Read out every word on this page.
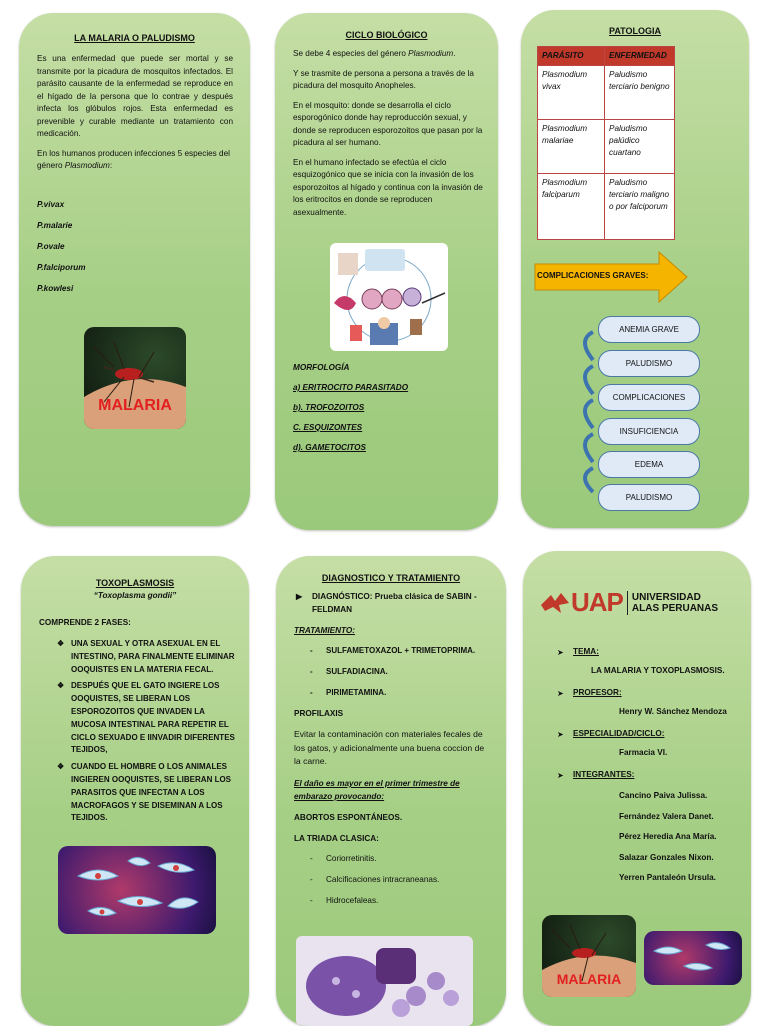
LA MALARIA O PALUDISMO

Es una enfermedad que puede ser mortal y se transmite por la picadura de mosquitos infectados. El parásito causante de la enfermedad se reproduce en el hígado de la persona que lo contrae y después infecta los glóbulos rojos. Esta enfermedad es prevenible y curable mediante un tratamiento con medicación.

En los humanos producen infecciones 5 especies del género Plasmodium:

P.vivax
P.malarie
P.ovale
P.falciporum
P.kowlesi
MALARIA
CICLO BIOLÓGICO

Se debe 4 especies del género Plasmodium.

Y se trasmite de persona a persona a través de la picadura del mosquito Anopheles.

En el mosquito: donde se desarrolla el ciclo esporogónico donde hay reproducción sexual, y donde se reproducen esporozoitos que pasan por la picadura al ser humano.

En el humano infectado se efectúa el ciclo esquizogónico que se inicia con la invasión de los esporozoitos al hígado y continua con la invasión de los eritrocitos en donde se reproducen asexualmente.

MORFOLOGÍA
a) ERITROCITO PARASITADO
b). TROFOZOITOS
C. ESQUIZONTES
d). GAMETOCITOS
PATOLOGIA
PARÁSITO	ENFERMEDAD
Plasmodium vivax	Paludismo terciario benigno
Plasmodium malariae	Paludismo palúdico cuartano
Plasmodium falciparum	Paludismo terciario maligno o por falciporum
COMPLICACIONES GRAVES:
ANEMIA GRAVE
PALUDISMO
COMPLICACIONES
INSUFICIENCIA
EDEMA
PALUDISMO
TOXOPLASMOSIS
“Toxoplasma gondii”
COMPRENDE 2 FASES:
❖ UNA SEXUAL Y OTRA ASEXUAL EN EL INTESTINO, PARA FINALMENTE ELIMINAR OOQUISTES EN LA MATERIA FECAL.
❖ DESPUÉS QUE EL GATO INGIERE LOS OOQUISTES, SE LIBERAN LOS ESPOROZOITOS QUE INVADEN LA MUCOSA INTESTINAL PARA REPETIR EL CICLO SEXUADO E IINVADIR DIFERENTES TEJIDOS,
❖ CUANDO EL HOMBRE O LOS ANIMALES INGIEREN OOQUISTES, SE LIBERAN LOS PARASITOS QUE INFECTAN A LOS MACROFAGOS Y SE DISEMINAN A LOS TEJIDOS.
DIAGNOSTICO Y TRATAMIENTO
▶	DIAGNÓSTICO: Prueba clásica de SABIN - FELDMAN
TRATAMIENTO:
-	SULFAMETOXAZOL + TRIMETOPRIMA.
-	SULFADIACINA.
-	PIRIMETAMINA.
PROFILAXIS
Evitar la contaminación con materiales fecales de los gatos, y adicionalmente una buena coccion de la carne.
El daño es mayor en el primer trimestre de embarazo provocando:
ABORTOS ESPONTÁNEOS.
LA TRIADA CLASICA:
-	Coriorretinitis.
-	Calcificaciones intracraneanas.
-	Hidrocefaleas.
UAP UNIVERSIDAD
ALAS PERUANAS
➤	TEMA:
LA MALARIA Y TOXOPLASMOSIS.
➤	PROFESOR:
Henry W. Sánchez Mendoza
➤	ESPECIALIDAD/CICLO:
Farmacia VI.
➤	INTEGRANTES:
Cancino Paiva Julissa.
Fernández Valera Danet.
Pérez Heredia Ana María.
Salazar Gonzales Nixon.
Yerren Pantaleón Ursula.
MALARIA
